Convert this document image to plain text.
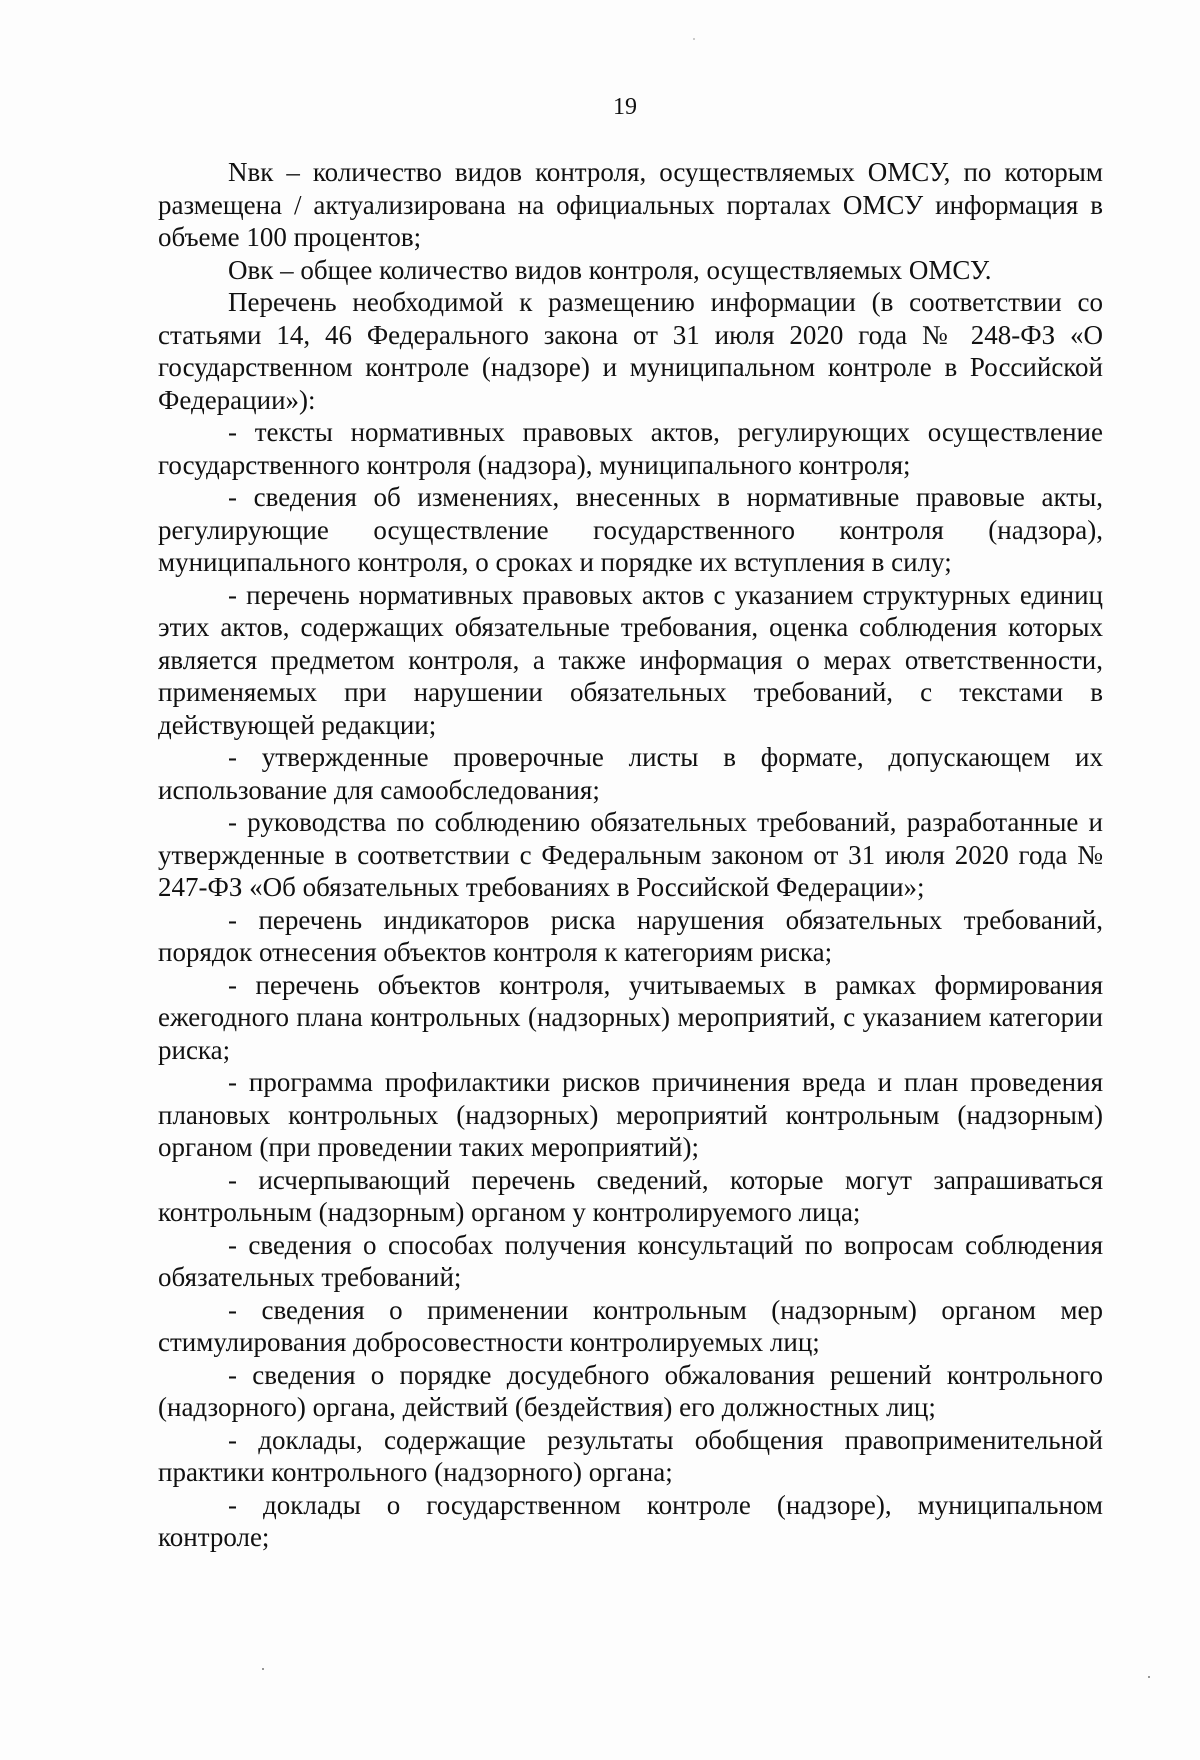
19

Nвк – количество видов контроля, осуществляемых ОМСУ, по которым размещена / актуализирована на официальных порталах ОМСУ информация в объеме 100 процентов;

Овк – общее количество видов контроля, осуществляемых ОМСУ.

Перечень необходимой к размещению информации (в соответствии со статьями 14, 46 Федерального закона от 31 июля 2020 года № 248-ФЗ «О государственном контроле (надзоре) и муниципальном контроле в Российской Федерации»):

- тексты нормативных правовых актов, регулирующих осуществление государственного контроля (надзора), муниципального контроля;

- сведения об изменениях, внесенных в нормативные правовые акты, регулирующие осуществление государственного контроля (надзора), муниципального контроля, о сроках и порядке их вступления в силу;

- перечень нормативных правовых актов с указанием структурных единиц этих актов, содержащих обязательные требования, оценка соблюдения которых является предметом контроля, а также информация о мерах ответственности, применяемых при нарушении обязательных требований, с текстами в действующей редакции;

- утвержденные проверочные листы в формате, допускающем их использование для самообследования;

- руководства по соблюдению обязательных требований, разработанные и утвержденные в соответствии с Федеральным законом от 31 июля 2020 года № 247-ФЗ «Об обязательных требованиях в Российской Федерации»;

- перечень индикаторов риска нарушения обязательных требований, порядок отнесения объектов контроля к категориям риска;

- перечень объектов контроля, учитываемых в рамках формирования ежегодного плана контрольных (надзорных) мероприятий, с указанием категории риска;

- программа профилактики рисков причинения вреда и план проведения плановых контрольных (надзорных) мероприятий контрольным (надзорным) органом (при проведении таких мероприятий);

- исчерпывающий перечень сведений, которые могут запрашиваться контрольным (надзорным) органом у контролируемого лица;

- сведения о способах получения консультаций по вопросам соблюдения обязательных требований;

- сведения о применении контрольным (надзорным) органом мер стимулирования добросовестности контролируемых лиц;

- сведения о порядке досудебного обжалования решений контрольного (надзорного) органа, действий (бездействия) его должностных лиц;

- доклады, содержащие результаты обобщения правоприменительной практики контрольного (надзорного) органа;

- доклады о государственном контроле (надзоре), муниципальном контроле;
